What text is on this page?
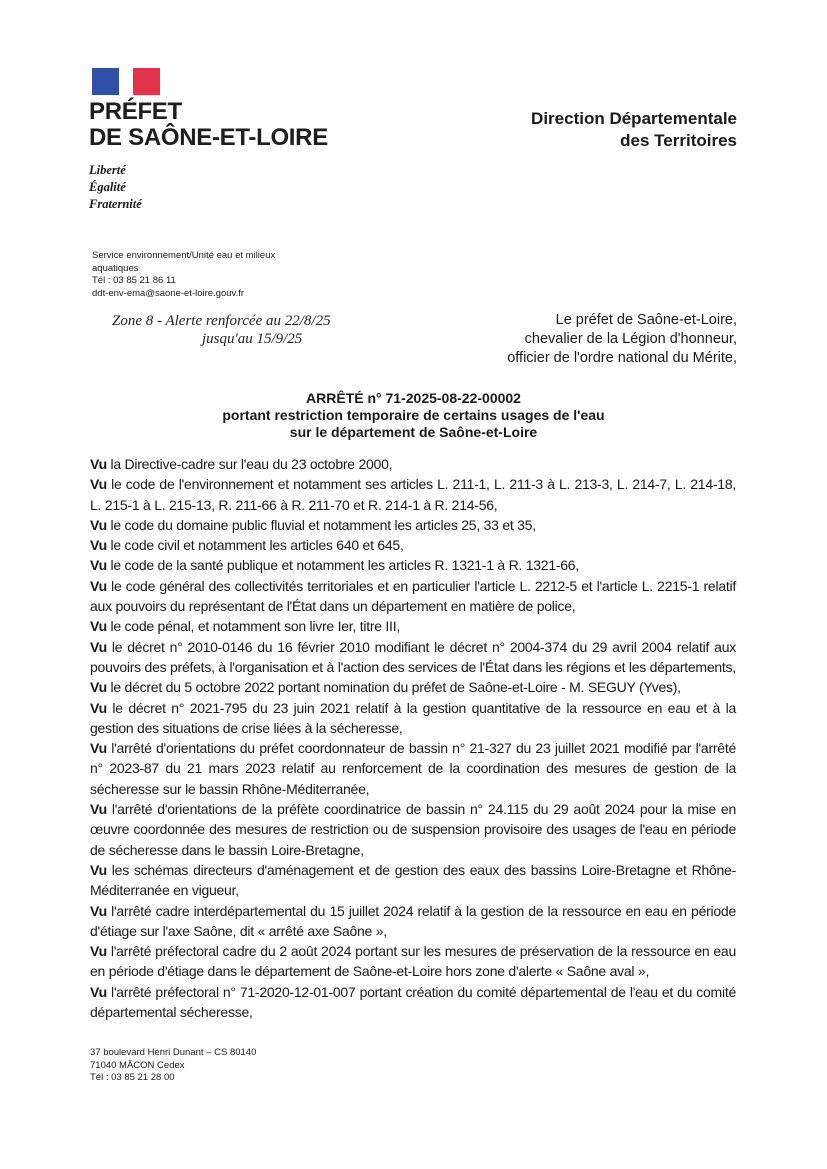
PRÉFET
DE SAÔNE-ET-LOIRE
Liberté
Égalité
Fraternité
Direction Départementale
des Territoires
Service environnement/Unité eau et milieux
aquatiques
Tél : 03 85 21 86 11
ddt-env-ema@saone-et-loire.gouv.fr
Zone 8 - Alerte renforcée au 22/8/25
jusqu'au 15/9/25
Le préfet de Saône-et-Loire,
chevalier de la Légion d'honneur,
officier de l'ordre national du Mérite,
ARRÊTÉ n° 71-2025-08-22-00002
portant restriction temporaire de certains usages de l'eau
sur le département de Saône-et-Loire

Vu la Directive-cadre sur l'eau du 23 octobre 2000,

Vu le code de l'environnement et notamment ses articles L. 211-1, L. 211-3 à L. 213-3, L. 214-7, L. 214-18, L. 215-1 à L. 215-13, R. 211-66 à R. 211-70 et R. 214-1 à R. 214-56,

Vu le code du domaine public fluvial et notamment les articles 25, 33 et 35,

Vu le code civil et notamment les articles 640 et 645,

Vu le code de la santé publique et notamment les articles R. 1321-1 à R. 1321-66,

Vu le code général des collectivités territoriales et en particulier l'article L. 2212-5 et l'article L. 2215-1 relatif aux pouvoirs du représentant de l'État dans un département en matière de police,

Vu le code pénal, et notamment son livre Ier, titre III,

Vu le décret n° 2010-0146 du 16 février 2010 modifiant le décret n° 2004-374 du 29 avril 2004 relatif aux pouvoirs des préfets, à l'organisation et à l'action des services de l'État dans les régions et les départements,

Vu le décret du 5 octobre 2022 portant nomination du préfet de Saône-et-Loire - M. SEGUY (Yves),

Vu le décret n° 2021-795 du 23 juin 2021 relatif à la gestion quantitative de la ressource en eau et à la gestion des situations de crise liées à la sécheresse,

Vu l'arrêté d'orientations du préfet coordonnateur de bassin n° 21-327 du 23 juillet 2021 modifié par l'arrêté n° 2023-87 du 21 mars 2023 relatif au renforcement de la coordination des mesures de gestion de la sécheresse sur le bassin Rhône-Méditerranée,

Vu l'arrêté d'orientations de la préfète coordinatrice de bassin n° 24.115 du 29 août 2024 pour la mise en œuvre coordonnée des mesures de restriction ou de suspension provisoire des usages de l'eau en période de sécheresse dans le bassin Loire-Bretagne,

Vu les schémas directeurs d'aménagement et de gestion des eaux des bassins Loire-Bretagne et Rhône-Méditerranée en vigueur,

Vu l'arrêté cadre interdépartemental du 15 juillet 2024 relatif à la gestion de la ressource en eau en période d'étiage sur l'axe Saône, dit « arrêté axe Saône »,

Vu l'arrêté préfectoral cadre du 2 août 2024 portant sur les mesures de préservation de la ressource en eau en période d'étiage dans le département de Saône-et-Loire hors zone d'alerte « Saône aval »,

Vu l'arrêté préfectoral n° 71-2020-12-01-007 portant création du comité départemental de l'eau et du comité départemental sécheresse,

37 boulevard Henri Dunant – CS 80140
71040 MÂCON Cedex
Tél : 03 85 21 28 00
